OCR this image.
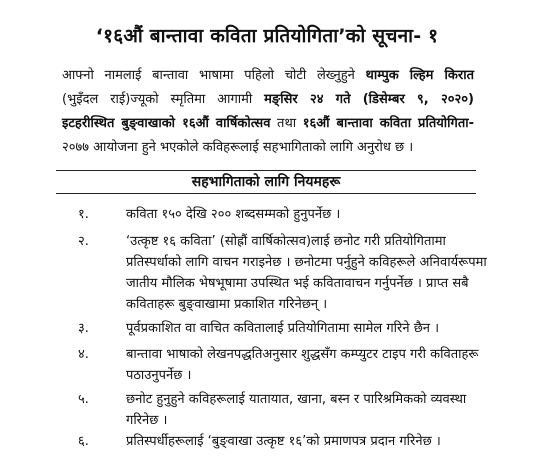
‘१६औं बान्तावा कविता प्रतियोगिता’को सूचना- १
आफ्नो नामलाई बान्तावा भाषामा पहिलो चोटी लेख्नुहुने थाम्पुक ल्हिम किरात
(भुइँदल राई)ज्यूको स्मृतिमा आगामी मङ्सिर २४ गते (डिसेम्बर ९, २०२०)
इटहरीस्थित बुङ्वाखाको १६औं वार्षिकोत्सव तथा १६औं बान्तावा कविता प्रतियोगिता-
२०७७ आयोजना हुने भएकोले कविहरूलाई सहभागिताको लागि अनुरोध छ ।
सहभागिताको लागि नियमहरू
१.	कविता १५० देखि २०० शब्दसम्मको हुनुपर्नेछ ।
२.	‘उत्कृष्ट १६ कविता’ (सोह्रौं वार्षिकोत्सव)लाई छनोट गरी प्रतियोगितामा
प्रतिस्पर्धाको लागि वाचन गराइनेछ । छनोटमा पर्नुहुने कविहरूले अनिवार्यरूपमा
जातीय मौलिक भेषभूषामा उपस्थित भई कवितावाचन गर्नुपर्नेछ । प्राप्त सबै
कविताहरू बुङ्वाखामा प्रकाशित गरिनेछन् ।
३.	पूर्वप्रकाशित वा वाचित कवितालाई प्रतियोगितामा सामेल गरिने छैन ।
४.	बान्तावा भाषाको लेखनपद्धतिअनुसार शुद्धसँग कम्प्युटर टाइप गरी कविताहरू
पठाउनुपर्नेछ ।
५.	छनोट हुनुहुने कविहरूलाई यातायात, खाना, बस्न र पारिश्रमिकको व्यवस्था
गरिनेछ ।
६.	प्रतिस्पर्धीहरूलाई ‘बुङ्वाखा उत्कृष्ट १६’को प्रमाणपत्र प्रदान गरिनेछ ।
